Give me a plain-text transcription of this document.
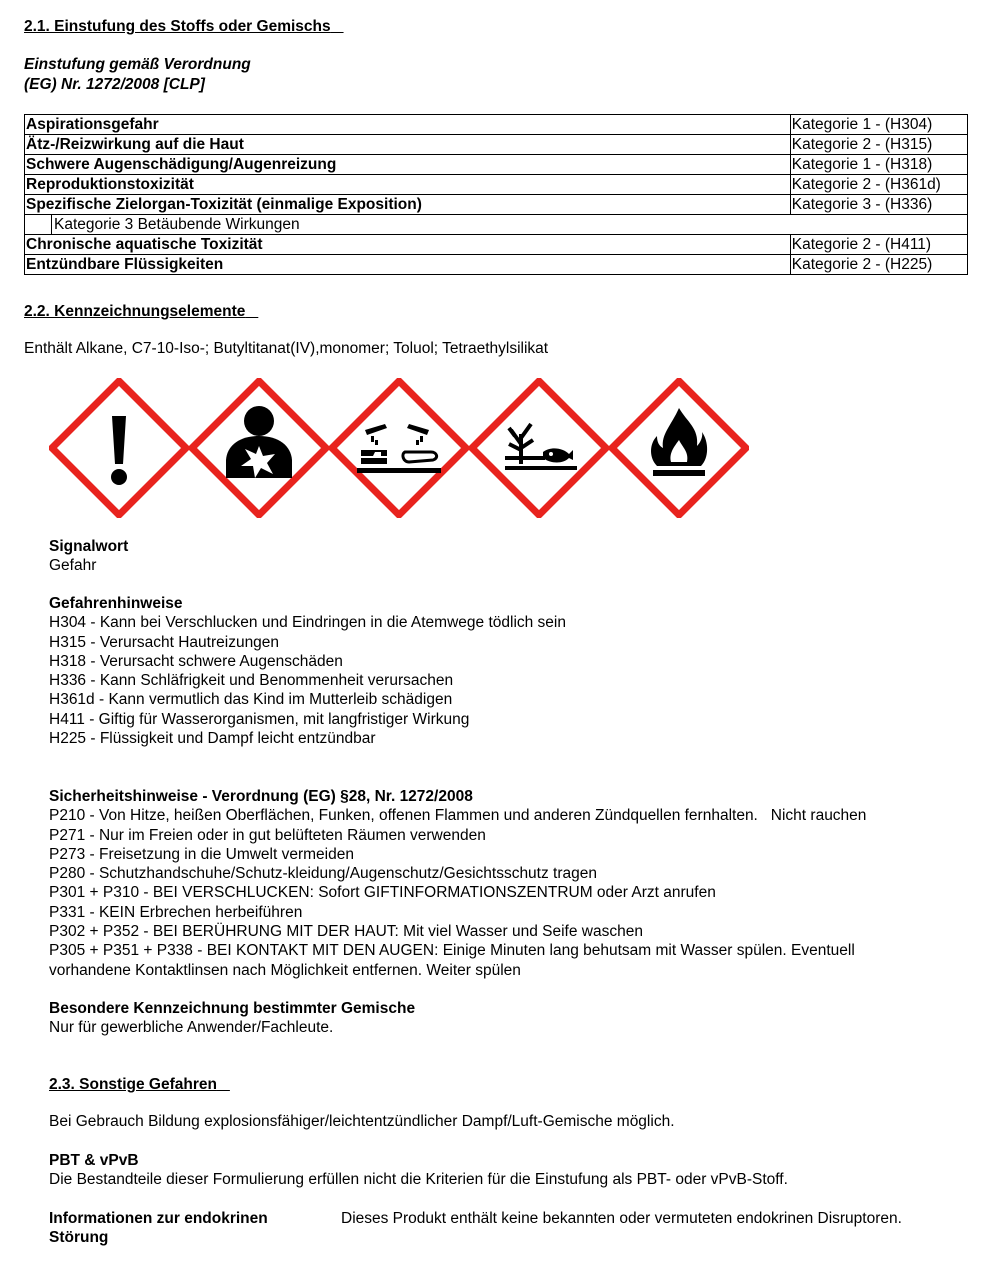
2.1. Einstufung des Stoffs oder Gemischs
Einstufung gemäß Verordnung
(EG) Nr. 1272/2008 [CLP]
Aspirationsgefahr		Kategorie 1 - (H304)
Ätz-/Reizwirkung auf die Haut		Kategorie 2 - (H315)
Schwere Augenschädigung/Augenreizung		Kategorie 1 - (H318)
Reproduktionstoxizität		Kategorie 2 - (H361d)
Spezifische Zielorgan-Toxizität (einmalige Exposition)		Kategorie 3 - (H336)
	Kategorie 3 Betäubende Wirkungen	
Chronische aquatische Toxizität		Kategorie 2 - (H411)
Entzündbare Flüssigkeiten		Kategorie 2 - (H225)
2.2. Kennzeichnungselemente
Enthält Alkane, C7-10-Iso-; Butyltitanat(IV),monomer; Toluol; Tetraethylsilikat
Signalwort
Gefahr
Gefahrenhinweise
H304 - Kann bei Verschlucken und Eindringen in die Atemwege tödlich sein
H315 - Verursacht Hautreizungen
H318 - Verursacht schwere Augenschäden
H336 - Kann Schläfrigkeit und Benommenheit verursachen
H361d - Kann vermutlich das Kind im Mutterleib schädigen
H411 - Giftig für Wasserorganismen, mit langfristiger Wirkung
H225 - Flüssigkeit und Dampf leicht entzündbar
Sicherheitshinweise - Verordnung (EG) §28, Nr. 1272/2008
P210 - Von Hitze, heißen Oberflächen, Funken, offenen Flammen und anderen Zündquellen fernhalten.   Nicht rauchen
P271 - Nur im Freien oder in gut belüfteten Räumen verwenden
P273 - Freisetzung in die Umwelt vermeiden
P280 - Schutzhandschuhe/Schutz-kleidung/Augenschutz/Gesichtsschutz tragen
P301 + P310 - BEI VERSCHLUCKEN: Sofort GIFTINFORMATIONSZENTRUM oder Arzt anrufen
P331 - KEIN Erbrechen herbeiführen
P302 + P352 - BEI BERÜHRUNG MIT DER HAUT: Mit viel Wasser und Seife waschen
P305 + P351 + P338 - BEI KONTAKT MIT DEN AUGEN: Einige Minuten lang behutsam mit Wasser spülen. Eventuell
vorhandene Kontaktlinsen nach Möglichkeit entfernen. Weiter spülen
Besondere Kennzeichnung bestimmter Gemische
Nur für gewerbliche Anwender/Fachleute.
2.3. Sonstige Gefahren
Bei Gebrauch Bildung explosionsfähiger/leichtentzündlicher Dampf/Luft-Gemische möglich.
PBT & vPvB
Die Bestandteile dieser Formulierung erfüllen nicht die Kriterien für die Einstufung als PBT- oder vPvB-Stoff.
Informationen zur endokrinen
Störung
Dieses Produkt enthält keine bekannten oder vermuteten endokrinen Disruptoren.
